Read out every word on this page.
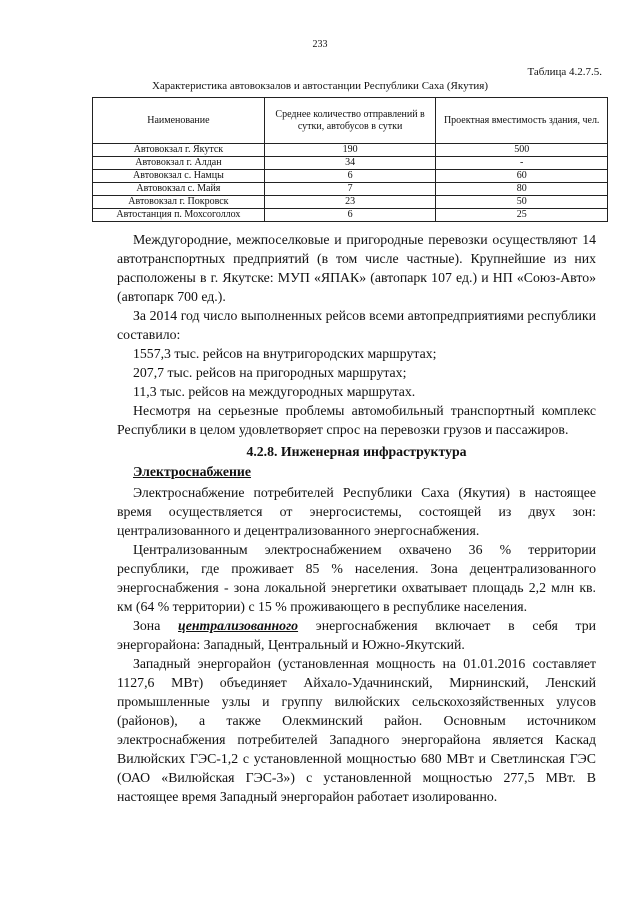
233
Таблица 4.2.7.5.
Характеристика автовокзалов и автостанции Республики Саха (Якутия)
Наименование	Среднее количество отправлений в сутки, автобусов в сутки	Проектная вместимость здания, чел.
Автовокзал г. Якутск	190	500
Автовокзал г. Алдан	34	-
Автовокзал с. Намцы	6	60
Автовокзал с. Майя	7	80
Автовокзал г. Покровск	23	50
Автостанция п. Мохсоголлох	6	25

Междугородние, межпоселковые и пригородные перевозки осуществляют 14 автотранспортных предприятий (в том числе частные). Крупнейшие из них расположены в г. Якутске: МУП «ЯПАК» (автопарк 107 ед.) и НП «Союз-Авто» (автопарк 700 ед.).

За 2014 год число выполненных рейсов всеми автопредприятиями республики составило:

1557,3 тыс. рейсов на внутригородских маршрутах;

207,7 тыс. рейсов на пригородных маршрутах;

11,3 тыс. рейсов на междугородных маршрутах.

Несмотря на серьезные проблемы автомобильный транспортный комплекс Республики в целом удовлетворяет спрос на перевозки грузов и пассажиров.

4.2.8. Инженерная инфраструктура

Электроснабжение

Электроснабжение потребителей Республики Саха (Якутия) в настоящее время осуществляется от энергосистемы, состоящей из двух зон: централизованного и децентрализованного энергоснабжения.

Централизованным электроснабжением охвачено 36 % территории республики, где проживает 85 % населения. Зона децентрализованного энергоснабжения - зона локальной энергетики охватывает площадь 2,2 млн кв. км (64 % территории) с 15 % проживающего в республике населения.

Зона централизованного энергоснабжения включает в себя три энергорайона: Западный, Центральный и Южно-Якутский.

Западный энергорайон (установленная мощность на 01.01.2016 составляет 1127,6 МВт) объединяет Айхало-Удачнинский, Мирнинский, Ленский промышленные узлы и группу вилюйских сельскохозяйственных улусов (районов), а также Олекминский район. Основным источником электроснабжения потребителей Западного энергорайона является Каскад Вилюйских ГЭС-1,2 с установленной мощностью 680 МВт и Светлинская ГЭС (ОАО «Вилюйская ГЭС-3») с установленной мощностью 277,5 МВт. В настоящее время Западный энергорайон работает изолированно.
